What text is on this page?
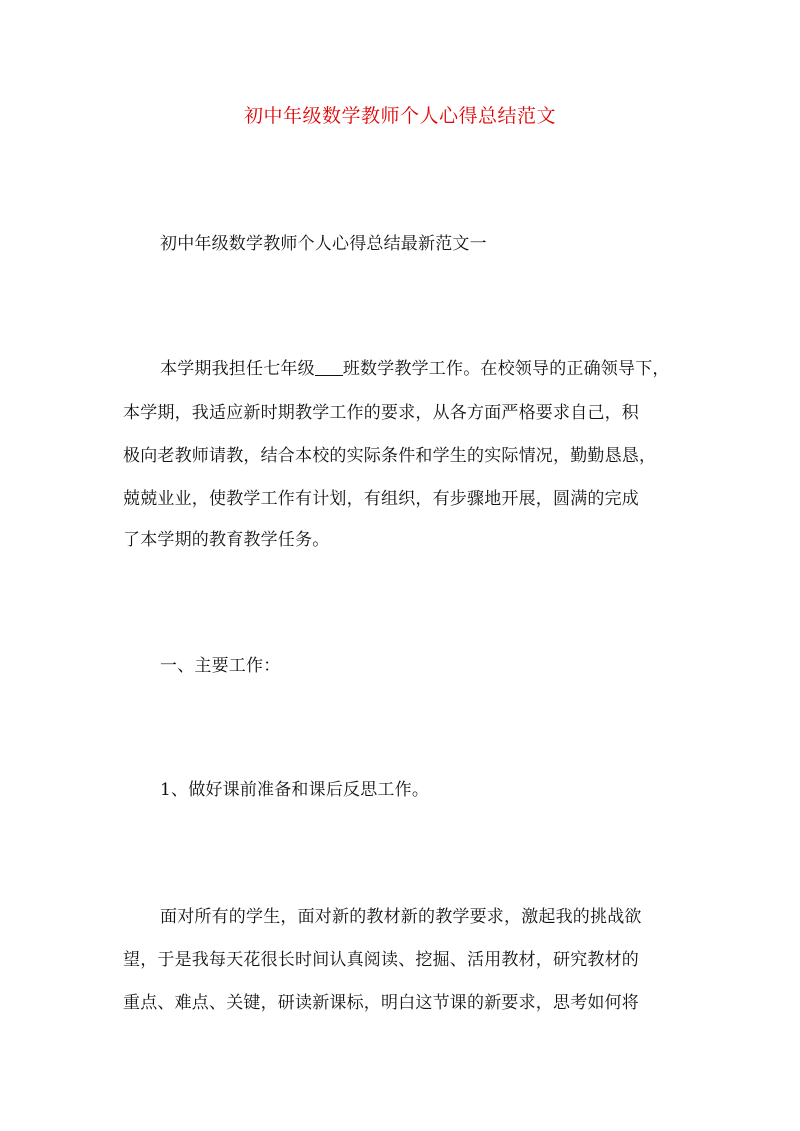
初中年级数学教师个人心得总结范文
初中年级数学教师个人心得总结最新范文一
本学期我担任七年级 班数学教学工作。在校领导的正确领导下，
本学期，我适应新时期教学工作的要求，从各方面严格要求自己，积
极向老教师请教，结合本校的实际条件和学生的实际情况，勤勤恳恳，
兢兢业业，使教学工作有计划，有组织，有步骤地开展，圆满的完成
了本学期的教育教学任务。
一、主要工作：
1、做好课前准备和课后反思工作。
面对所有的学生，面对新的教材新的教学要求，激起我的挑战欲
望，于是我每天花很长时间认真阅读、挖掘、活用教材，研究教材的
重点、难点、关键，研读新课标，明白这节课的新要求，思考如何将
